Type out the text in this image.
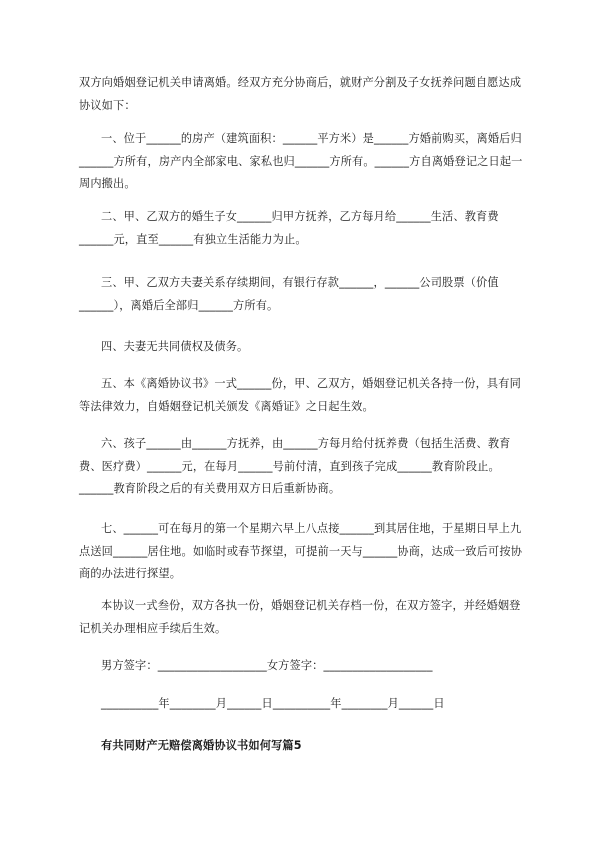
双方向婚姻登记机关申请离婚。经双方充分协商后，就财产分割及子女抚养问题自愿达成协议如下：

一、位于______的房产（建筑面积：______平方米）是______方婚前购买，离婚后归______方所有，房产内全部家电、家私也归______方所有。______方自离婚登记之日起一周内搬出。

二、甲、乙双方的婚生子女______归甲方抚养，乙方每月给______生活、教育费______元，直至______有独立生活能力为止。

三、甲、乙双方夫妻关系存续期间，有银行存款______，______公司股票（价值______），离婚后全部归______方所有。

四、夫妻无共同债权及债务。

五、本《离婚协议书》一式______份，甲、乙双方，婚姻登记机关各持一份，具有同等法律效力，自婚姻登记机关颁发《离婚证》之日起生效。

六、孩子______由______方抚养，由______方每月给付抚养费（包括生活费、教育费、医疗费）______元，在每月______号前付清，直到孩子完成______教育阶段止。______教育阶段之后的有关费用双方日后重新协商。

七、______可在每月的第一个星期六早上八点接______到其居住地，于星期日早上九点送回______居住地。如临时或春节探望，可提前一天与______协商，达成一致后可按协商的办法进行探望。

本协议一式叁份，双方各执一份，婚姻登记机关存档一份，在双方签字，并经婚姻登记机关办理相应手续后生效。

男方签字：___________________女方签字：___________________

__________年________月______日__________年________月______日

有共同财产无赔偿离婚协议书如何写篇5
